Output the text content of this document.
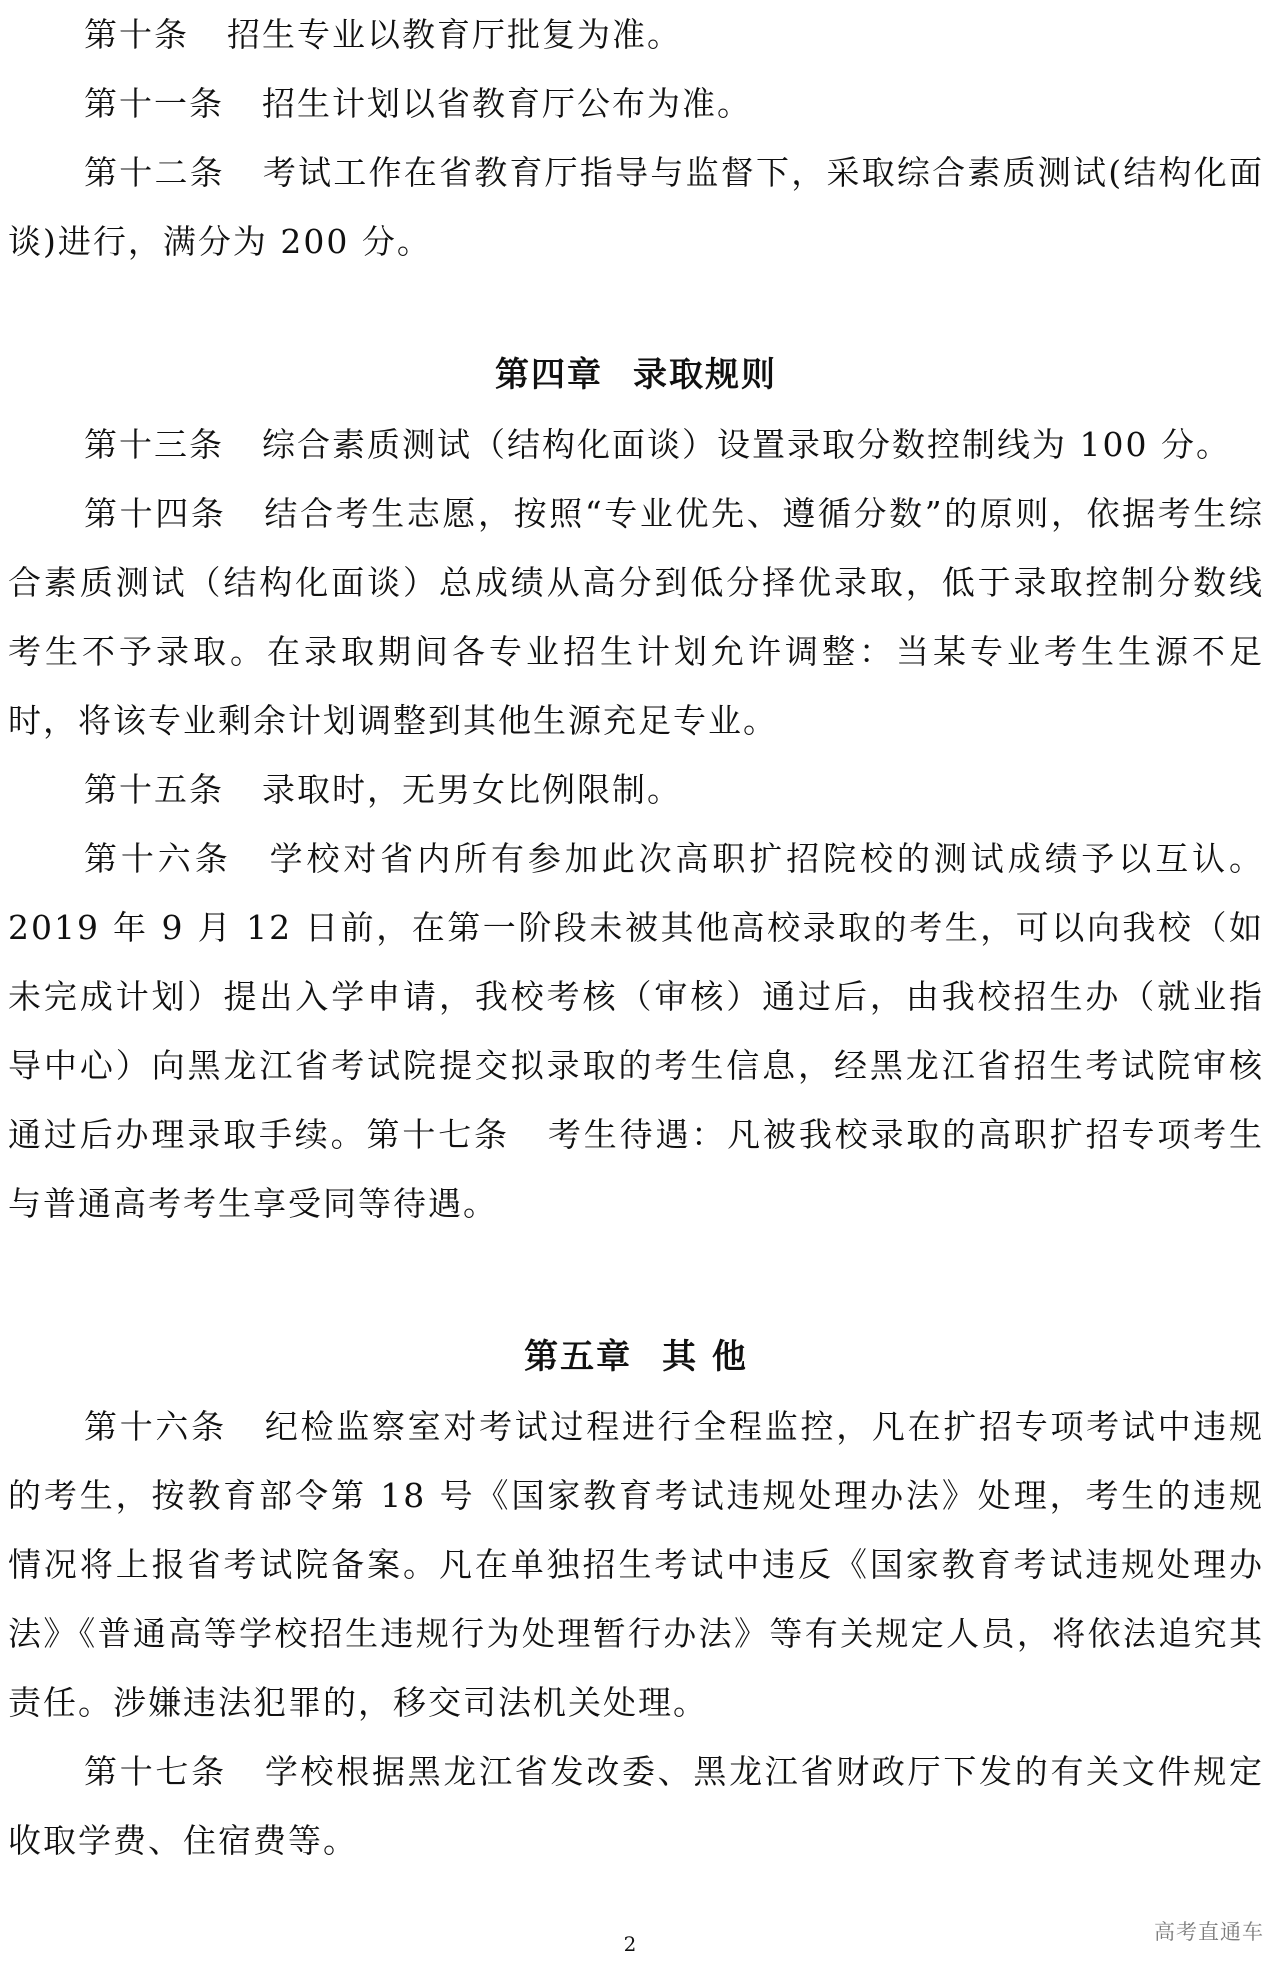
第十条 招生专业以教育厅批复为准。

第十一条 招生计划以省教育厅公布为准。

第十二条 考试工作在省教育厅指导与监督下，采取综合素质测试(结构化面谈)进行，满分为 200 分。

第四章 录取规则

第十三条 综合素质测试（结构化面谈）设置录取分数控制线为 100 分。

第十四条 结合考生志愿，按照“专业优先、遵循分数”的原则，依据考生综合素质测试（结构化面谈）总成绩从高分到低分择优录取，低于录取控制分数线考生不予录取。在录取期间各专业招生计划允许调整：当某专业考生生源不足时，将该专业剩余计划调整到其他生源充足专业。

第十五条 录取时，无男女比例限制。

第十六条 学校对省内所有参加此次高职扩招院校的测试成绩予以互认。2019 年 9 月 12 日前，在第一阶段未被其他高校录取的考生，可以向我校（如未完成计划）提出入学申请，我校考核（审核）通过后，由我校招生办（就业指导中心）向黑龙江省考试院提交拟录取的考生信息，经黑龙江省招生考试院审核通过后办理录取手续。第十七条 考生待遇：凡被我校录取的高职扩招专项考生与普通高考考生享受同等待遇。

第五章 其 他

第十六条 纪检监察室对考试过程进行全程监控，凡在扩招专项考试中违规的考生，按教育部令第 18 号《国家教育考试违规处理办法》处理，考生的违规情况将上报省考试院备案。凡在单独招生考试中违反《国家教育考试违规处理办法》《普通高等学校招生违规行为处理暂行办法》等有关规定人员，将依法追究其责任。涉嫌违法犯罪的，移交司法机关处理。

第十七条 学校根据黑龙江省发改委、黑龙江省财政厅下发的有关文件规定收取学费、住宿费等。

2	高考直通车
